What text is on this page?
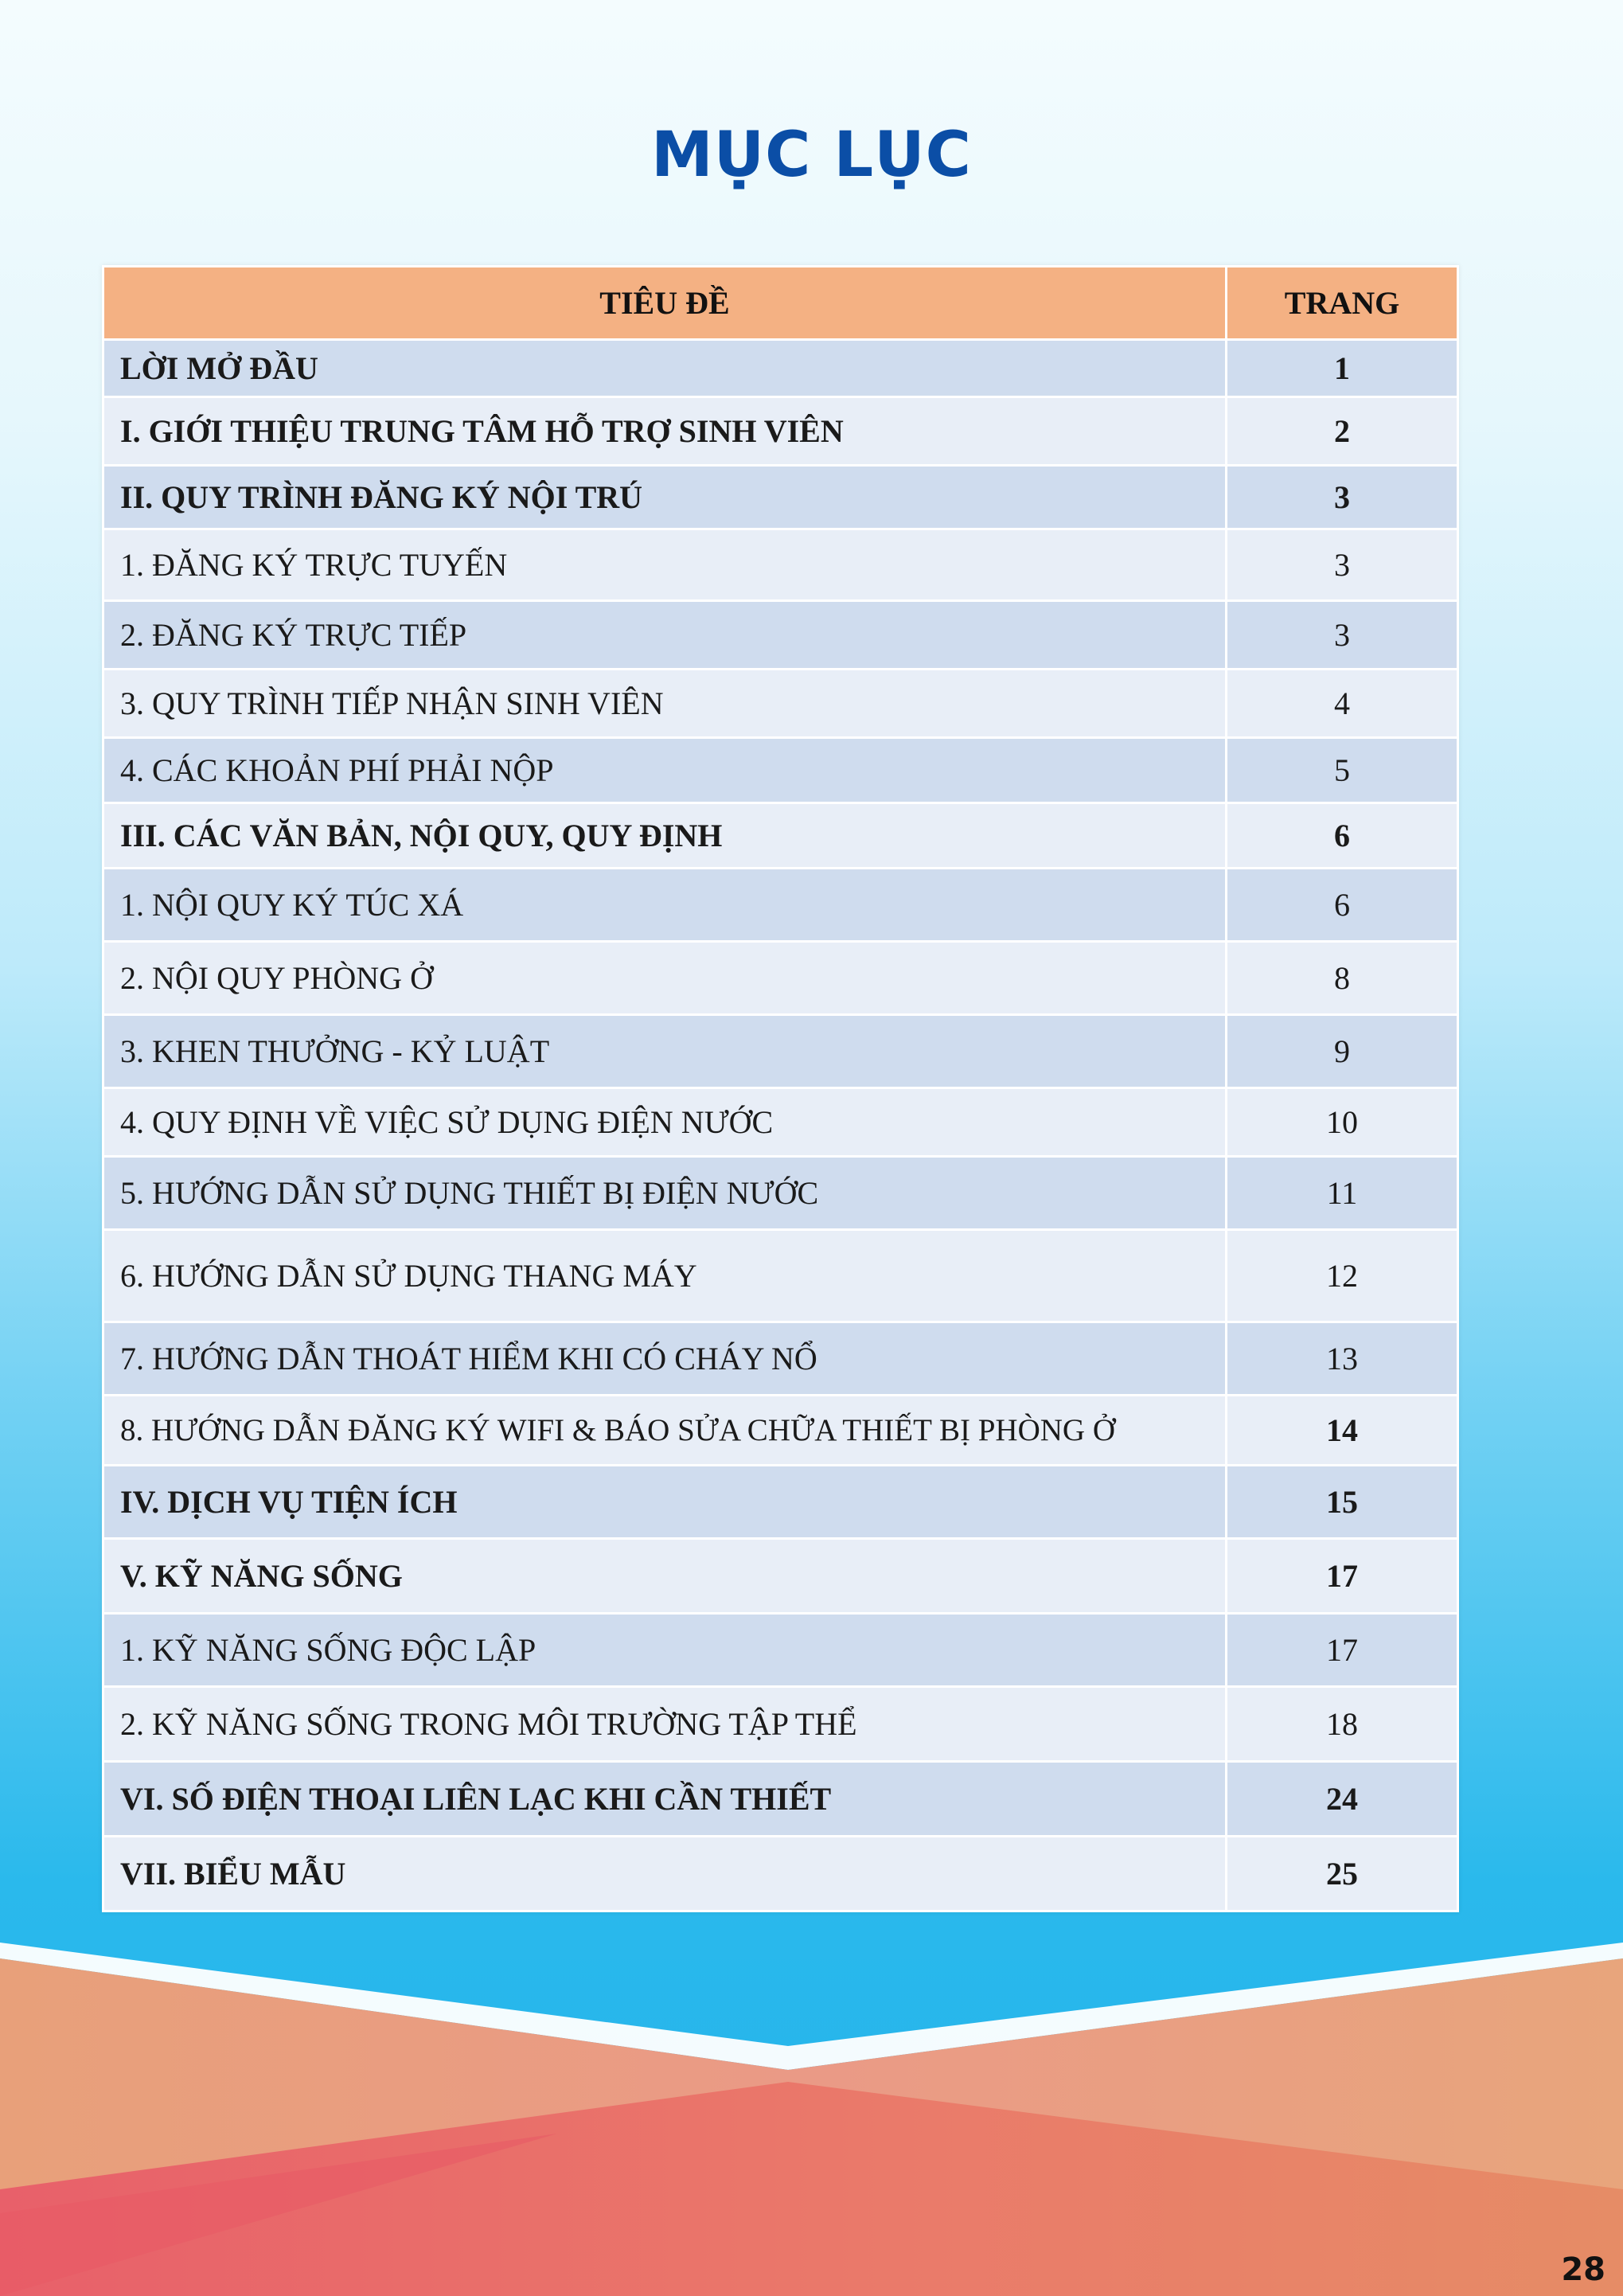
MỤC LỤC
TIÊU ĐỀ	TRANG
LỜI MỞ ĐẦU	1
I. GIỚI THIỆU TRUNG TÂM HỖ TRỢ SINH VIÊN	2
II. QUY TRÌNH ĐĂNG KÝ NỘI TRÚ	3
1. ĐĂNG KÝ TRỰC TUYẾN	3
2. ĐĂNG KÝ TRỰC TIẾP	3
3. QUY TRÌNH TIẾP NHẬN SINH VIÊN	4
4. CÁC KHOẢN PHÍ PHẢI NỘP	5
III. CÁC VĂN BẢN, NỘI QUY, QUY ĐỊNH	6
1. NỘI QUY KÝ TÚC XÁ	6
2. NỘI QUY PHÒNG Ở	8
3. KHEN THƯỞNG - KỶ LUẬT	9
4. QUY ĐỊNH VỀ VIỆC SỬ DỤNG ĐIỆN NƯỚC	10
5. HƯỚNG DẪN SỬ DỤNG THIẾT BỊ ĐIỆN NƯỚC	11
6. HƯỚNG DẪN SỬ DỤNG THANG MÁY	12
7. HƯỚNG DẪN THOÁT HIỂM KHI CÓ CHÁY NỔ	13
8. HƯỚNG DẪN ĐĂNG KÝ WIFI & BÁO SỬA CHỮA THIẾT BỊ PHÒNG Ở	14
IV. DỊCH VỤ TIỆN ÍCH	15
V. KỸ NĂNG SỐNG	17
1. KỸ NĂNG SỐNG ĐỘC LẬP	17
2. KỸ NĂNG SỐNG TRONG MÔI TRƯỜNG TẬP THỂ	18
VI. SỐ ĐIỆN THOẠI LIÊN LẠC KHI CẦN THIẾT	24
VII. BIỂU MẪU	25
28
